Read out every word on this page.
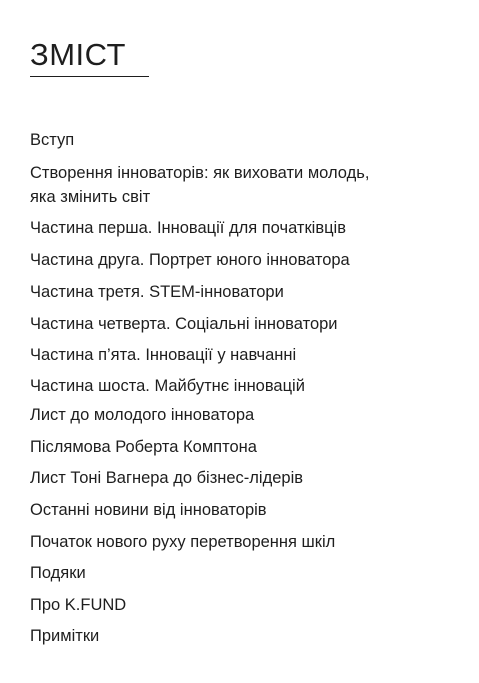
ЗМІСТ
Вступ
Створення інноваторів: як виховати молодь,
яка змінить світ
Частина перша. Інновації для початківців
Частина друга. Портрет юного інноватора
Частина третя. STEM-інноватори
Частина четверта. Соціальні інноватори
Частина п’ята. Інновації у навчанні
Частина шоста. Майбутнє інновацій
Лист до молодого інноватора
Післямова Роберта Комптона
Лист Тоні Вагнера до бізнес-лідерів
Останні новини від інноваторів
Початок нового руху перетворення шкіл
Подяки
Про K.FUND
Примітки
